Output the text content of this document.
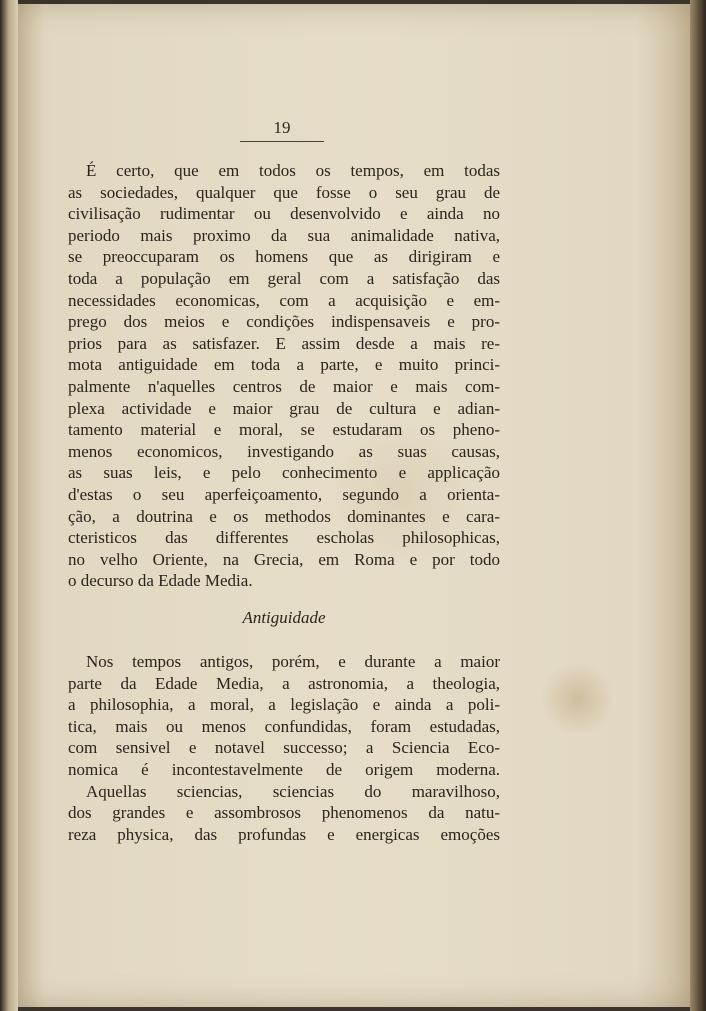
19
É certo, que em todos os tempos, em todas
as sociedades, qualquer que fosse o seu grau de
civilisação rudimentar ou desenvolvido e ainda no
periodo mais proximo da sua animalidade nativa,
se preoccuparam os homens que as dirigiram e
toda a população em geral com a satisfação das
necessidades economicas, com a acquisição e em-
prego dos meios e condições indispensaveis e pro-
prios para as satisfazer. E assim desde a mais re-
mota antiguidade em toda a parte, e muito princi-
palmente n'aquelles centros de maior e mais com-
plexa actividade e maior grau de cultura e adian-
tamento material e moral, se estudaram os pheno-
menos economicos, investigando as suas causas,
as suas leis, e pelo conhecimento e applicação
d'estas o seu aperfeiçoamento, segundo a orienta-
ção, a doutrina e os methodos dominantes e cara-
cteristicos das differentes escholas philosophicas,
no velho Oriente, na Grecia, em Roma e por todo
o decurso da Edade Media.
Antiguidade
Nos tempos antigos, porém, e durante a maior
parte da Edade Media, a astronomia, a theologia,
a philosophia, a moral, a legislação e ainda a poli-
tica, mais ou menos confundidas, foram estudadas,
com sensivel e notavel successo; a Sciencia Eco-
nomica é incontestavelmente de origem moderna.
Aquellas sciencias, sciencias do maravilhoso,
dos grandes e assombrosos phenomenos da natu-
reza physica, das profundas e energicas emoções
